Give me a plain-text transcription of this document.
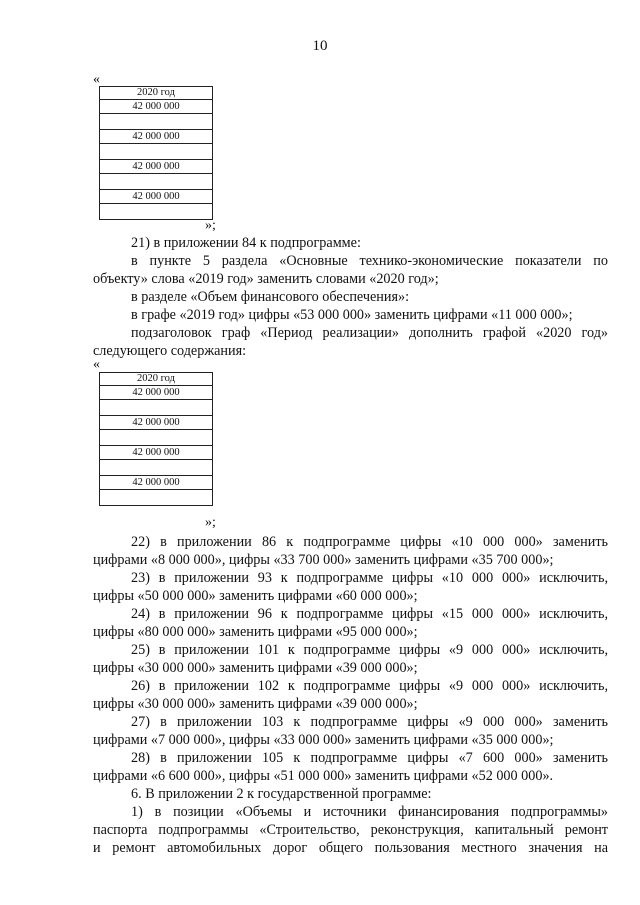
10
«
2020 год
42 000 000

42 000 000

42 000 000

42 000 000

»;
21) в приложении 84 к подпрограмме:
в пункте 5 раздела «Основные технико-экономические показатели по
объекту» слова «2019 год» заменить словами «2020 год»;
в разделе «Объем финансового обеспечения»:
в графе «2019 год» цифры «53 000 000» заменить цифрами «11 000 000»;
подзаголовок граф «Период реализации» дополнить графой «2020 год»
следующего содержания:
«
2020 год
42 000 000

42 000 000

42 000 000

42 000 000

»;
22) в приложении 86 к подпрограмме цифры «10 000 000» заменить
цифрами «8 000 000», цифры «33 700 000» заменить цифрами «35 700 000»;
23) в приложении 93 к подпрограмме цифры «10 000 000» исключить,
цифры «50 000 000» заменить цифрами «60 000 000»;
24) в приложении 96 к подпрограмме цифры «15 000 000» исключить,
цифры «80 000 000» заменить цифрами «95 000 000»;
25) в приложении 101 к подпрограмме цифры «9 000 000» исключить,
цифры «30 000 000» заменить цифрами «39 000 000»;
26) в приложении 102 к подпрограмме цифры «9 000 000» исключить,
цифры «30 000 000» заменить цифрами «39 000 000»;
27) в приложении 103 к подпрограмме цифры «9 000 000» заменить
цифрами «7 000 000», цифры «33 000 000» заменить цифрами «35 000 000»;
28) в приложении 105 к подпрограмме цифры «7 600 000» заменить
цифрами «6 600 000», цифры «51 000 000» заменить цифрами «52 000 000».
6. В приложении 2 к государственной программе:
1) в позиции «Объемы и источники финансирования подпрограммы»
паспорта подпрограммы «Строительство, реконструкция, капитальный ремонт
и ремонт автомобильных дорог общего пользования местного значения на
